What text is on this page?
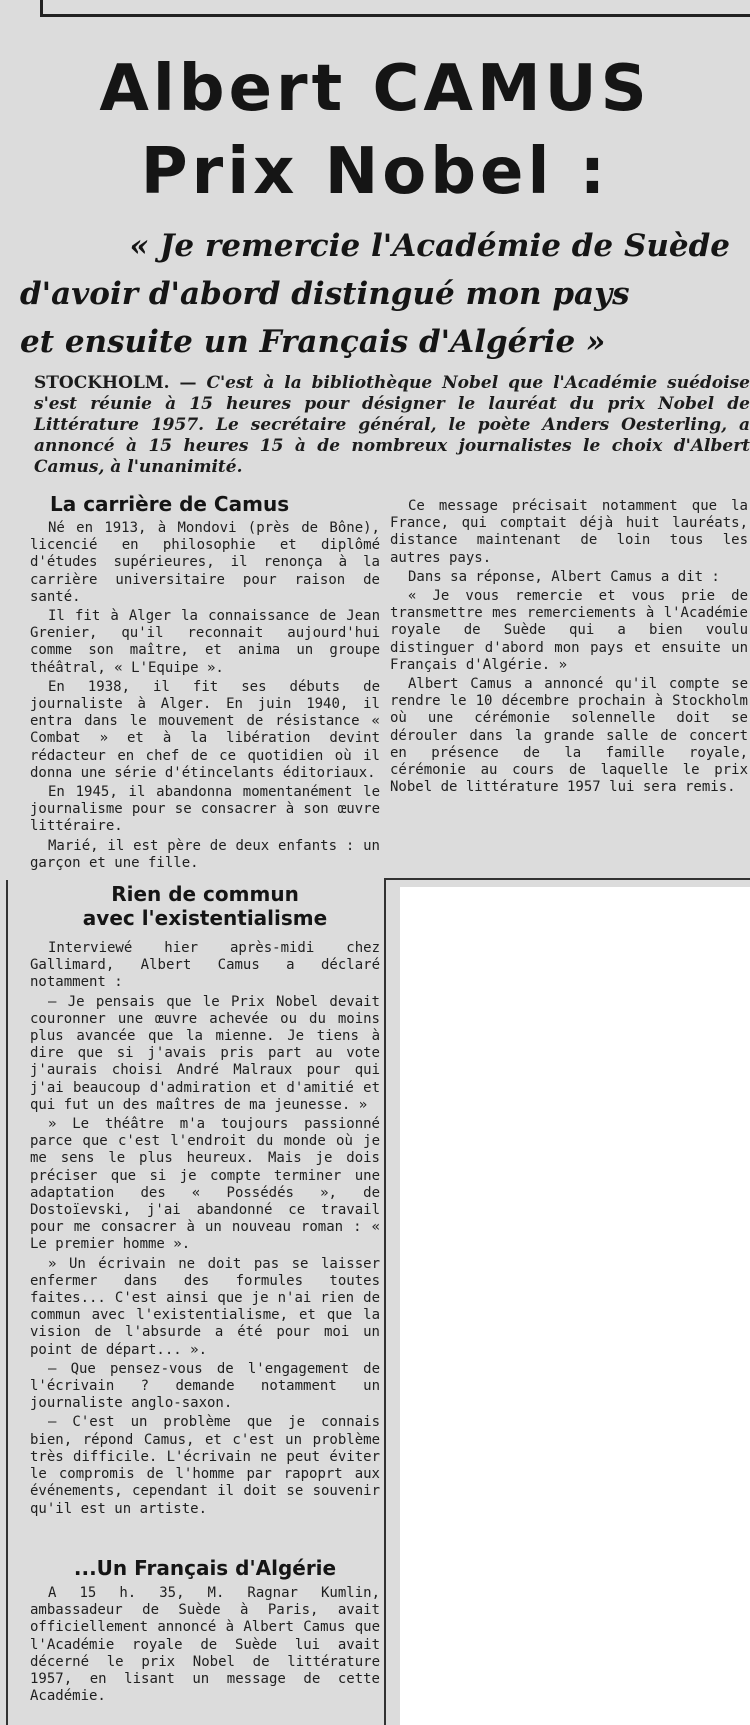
Albert CAMUS
Prix Nobel :
« Je remercie l'Académie de Suède
d'avoir d'abord distingué mon pays
et ensuite un Français d'Algérie »

STOCKHOLM. — C'est à la bibliothèque Nobel que l'Académie suédoise s'est réunie à 15 heures pour désigner le lauréat du prix Nobel de Littérature 1957. Le secrétaire général, le poète Anders Oesterling, a annoncé à 15 heures 15 à de nombreux journalistes le choix d'Albert Camus, à l'unanimité.

La carrière de Camus

Né en 1913, à Mondovi (près de Bône), licencié en philosophie et diplômé d'études supérieures, il renonça à la carrière universitaire pour raison de santé.

Il fit à Alger la connaissance de Jean Grenier, qu'il reconnait aujourd'hui comme son maître, et anima un groupe théâtral, « L'Equipe ».

En 1938, il fit ses débuts de journaliste à Alger. En juin 1940, il entra dans le mouvement de résistance « Combat » et à la libération devint rédacteur en chef de ce quotidien où il donna une série d'étincelants éditoriaux.

En 1945, il abandonna momentanément le journalisme pour se consacrer à son œuvre littéraire.

Marié, il est père de deux enfants : un garçon et une fille.

Ce message précisait notamment que la France, qui comptait déjà huit lauréats, distance maintenant de loin tous les autres pays.

Dans sa réponse, Albert Camus a dit :

« Je vous remercie et vous prie de transmettre mes remerciements à l'Académie royale de Suède qui a bien voulu distinguer d'abord mon pays et ensuite un Français d'Algérie. »

Albert Camus a annoncé qu'il compte se rendre le 10 décembre prochain à Stockholm où une cérémonie solennelle doit se dérouler dans la grande salle de concert en présence de la famille royale, cérémonie au cours de laquelle le prix Nobel de littérature 1957 lui sera remis.

Rien de commun
avec l'existentialisme

Interviewé hier après-midi chez Gallimard, Albert Camus a déclaré notamment :

— Je pensais que le Prix Nobel devait couronner une œuvre achevée ou du moins plus avancée que la mienne. Je tiens à dire que si j'avais pris part au vote j'aurais choisi André Malraux pour qui j'ai beaucoup d'admiration et d'amitié et qui fut un des maîtres de ma jeunesse. »

» Le théâtre m'a toujours passionné parce que c'est l'endroit du monde où je me sens le plus heureux. Mais je dois préciser que si je compte terminer une adaptation des « Possédés », de Dostoïevski, j'ai abandonné ce travail pour me consacrer à un nouveau roman : « Le premier homme ».

» Un écrivain ne doit pas se laisser enfermer dans des formules toutes faites... C'est ainsi que je n'ai rien de commun avec l'existentialisme, et que la vision de l'absurde a été pour moi un point de départ... ».

— Que pensez-vous de l'engagement de l'écrivain ? demande notamment un journaliste anglo-saxon.

— C'est un problème que je connais bien, répond Camus, et c'est un problème très difficile. L'écrivain ne peut éviter le compromis de l'homme par rapoprt aux événements, cependant il doit se souvenir qu'il est un artiste.

...Un Français d'Algérie

A 15 h. 35, M. Ragnar Kumlin, ambassadeur de Suède à Paris, avait officiellement annoncé à Albert Camus que l'Académie royale de Suède lui avait décerné le prix Nobel de littérature 1957, en lisant un message de cette Académie.
